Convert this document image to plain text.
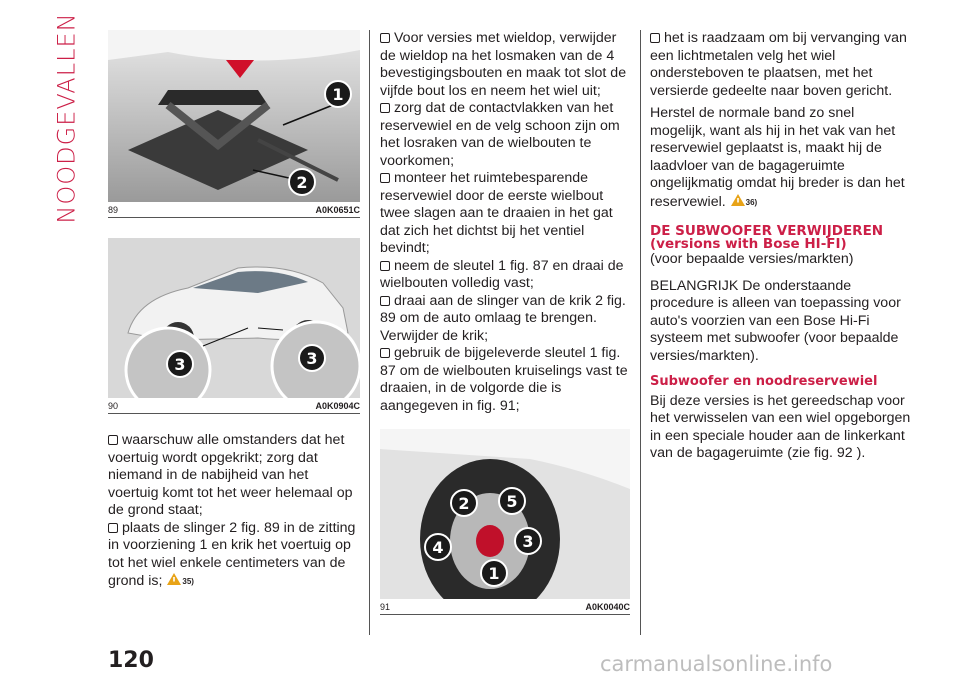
NOODGEVALLEN	1
2
89	A0K0651C
3	3
90	A0K0904C

waarschuw alle omstanders dat het voertuig wordt opgekrikt; zorg dat niemand in de nabijheid van het voertuig komt tot het weer helemaal op de grond staat;

plaats de slinger 2 fig. 89 in de zitting in voorziening 1 en krik het voertuig op tot het wiel enkele centimeters van de grond is; 35)

Voor versies met wieldop, verwijder de wieldop na het losmaken van de 4 bevestigingsbouten en maak tot slot de vijfde bout los en neem het wiel uit;

zorg dat de contactvlakken van het reservewiel en de velg schoon zijn om het losraken van de wielbouten te voorkomen;

monteer het ruimtebesparende reservewiel door de eerste wielbout twee slagen aan te draaien in het gat dat zich het dichtst bij het ventiel bevindt;

neem de sleutel 1 fig. 87 en draai de wielbouten volledig vast;

draai aan de slinger van de krik 2 fig. 89 om de auto omlaag te brengen. Verwijder de krik;

gebruik de bijgeleverde sleutel 1 fig. 87 om de wielbouten kruiselings vast te draaien, in de volgorde die is aangegeven in fig. 91;

1
2
3
4
5
91	A0K0040C

het is raadzaam om bij vervanging van een lichtmetalen velg het wiel ondersteboven te plaatsen, met het versierde gedeelte naar boven gericht.

Herstel de normale band zo snel mogelijk, want als hij in het vak van het reservewiel geplaatst is, maakt hij de laadvloer van de bagageruimte ongelijkmatig omdat hij breder is dan het reservewiel. 36)

DE SUBWOOFER VERWIJDEREN (versions with Bose HI-FI)

(voor bepaalde versies/markten)

BELANGRIJK De onderstaande procedure is alleen van toepassing voor auto's voorzien van een Bose Hi-Fi systeem met subwoofer (voor bepaalde versies/markten).

Subwoofer en noodreservewiel

Bij deze versies is het gereedschap voor het verwisselen van een wiel opgeborgen in een speciale houder aan de linkerkant van de bagageruimte (zie fig. 92 ).

120	carmanualsonline.info
